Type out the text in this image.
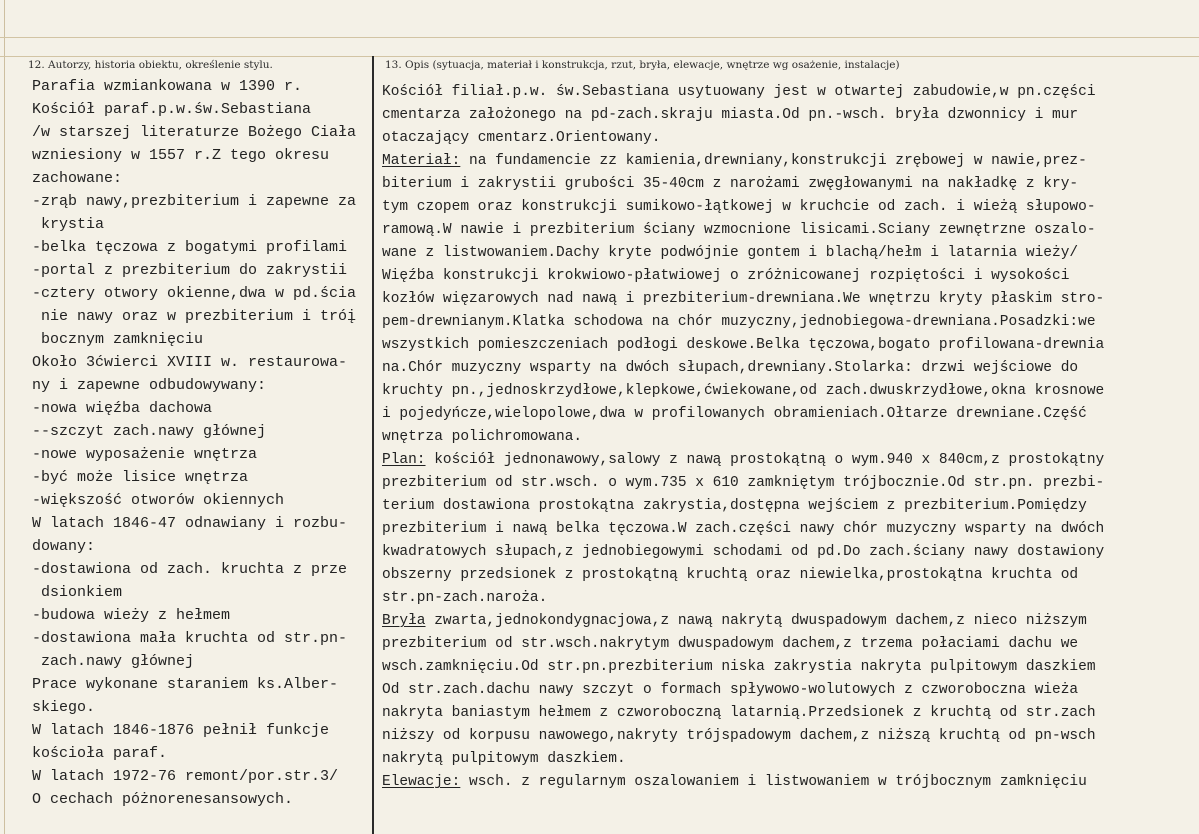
12. Autorzy, historia obiektu, określenie stylu.	13. Opis (sytuacja, materiał i konstrukcja, rzut, bryła, elewacje, wnętrze wg osażenie, instalacje)
Parafia wzmiankowana w 1390 r.
Kościół paraf.p.w.św.Sebastiana
/w starszej literaturze Bożego Ciała
wzniesiony w 1557 r.Z tego okresu
zachowane:
-zrąb nawy,prezbiterium i zapewne za
krystia
-belka tęczowa z bogatymi profilami
-portal z prezbiterium do zakrystii
-cztery otwory okienne,dwa w pd.ścia
nie nawy oraz w prezbiterium i tróį
bocznym zamknięciu
Około 3ćwierci XVIII w. restaurowa-
ny i zapewne odbudowywany:
-nowa więźba dachowa
--szczyt zach.nawy głównej
-nowe wyposażenie wnętrza
-być może lisice wnętrza
-większość otworów okiennych
W latach 1846-47 odnawiany i rozbu-
dowany:
-dostawiona od zach. kruchta z prze
dsionkiem
-budowa wieży z hełmem
-dostawiona mała kruchta od str.pn-
zach.nawy głównej
Prace wykonane staraniem ks.Alber-
skiego.
W latach 1846-1876 pełnił funkcje
kościoła paraf.
W latach 1972-76 remont/por.str.3/
O cechach póżnorenesansowych.
Kościół filiał.p.w. św.Sebastiana usytuowany jest w otwartej zabudowie,w pn.części
cmentarza założonego na pd-zach.skraju miasta.Od pn.-wsch. bryła dzwonnicy i mur
otaczający cmentarz.Orientowany.
Materiał: na fundamencie zz kamienia,drewniany,konstrukcji zrębowej w nawie,prez-
biterium i zakrystii grubości 35-40cm z narożami zwęgłowanymi na nakładkę z kry-
tym czopem oraz konstrukcji sumikowo-łątkowej w kruchcie od zach. i wieżą słupowo-
ramową.W nawie i prezbiterium ściany wzmocnione lisicami.Sciany zewnętrzne oszalo-
wane z listwowaniem.Dachy kryte podwójnie gontem i blachą/hełm i latarnia wieży/
Więźba konstrukcji krokwiowo-płatwiowej o zróżnicowanej rozpiętości i wysokości
kozłów więzarowych nad nawą i prezbiterium-drewniana.We wnętrzu kryty płaskim stro-
pem-drewnianym.Klatka schodowa na chór muzyczny,jednobiegowa-drewniana.Posadzki:we
wszystkich pomieszczeniach podłogi deskowe.Belka tęczowa,bogato profilowana-drewnia
na.Chór muzyczny wsparty na dwóch słupach,drewniany.Stolarka: drzwi wejściowe do
kruchty pn.,jednoskrzydłowe,klepkowe,ćwiekowane,od zach.dwuskrzydłowe,okna krosnowe
i pojedyńcze,wielopolowe,dwa w profilowanych obramieniach.Ołtarze drewniane.Część
wnętrza polichromowana.
Plan: kościół jednonawowy,salowy z nawą prostokątną o wym.940 x 840cm,z prostokątny
prezbiterium od str.wsch. o wym.735 x 610 zamkniętym trójbocznie.Od str.pn. prezbi-
terium dostawiona prostokątna zakrystia,dostępna wejściem z prezbiterium.Pomiędzy
prezbiterium i nawą belka tęczowa.W zach.części nawy chór muzyczny wsparty na dwóch
kwadratowych słupach,z jednobiegowymi schodami od pd.Do zach.ściany nawy dostawiony
obszerny przedsionek z prostokątną kruchtą oraz niewielka,prostokątna kruchta od
str.pn-zach.naroża.
Bryła zwarta,jednokondygnacjowa,z nawą nakrytą dwuspadowym dachem,z nieco niższym
prezbiterium od str.wsch.nakrytym dwuspadowym dachem,z trzema połaciami dachu we
wsch.zamknięciu.Od str.pn.prezbiterium niska zakrystia nakryta pulpitowym daszkiem
Od str.zach.dachu nawy szczyt o formach spływowo-wolutowych z czworoboczna wieża
nakryta baniastym hełmem z czworoboczną latarnią.Przedsionek z kruchtą od str.zach
niższy od korpusu nawowego,nakryty trójspadowym dachem,z niższą kruchtą od pn-wsch
nakrytą pulpitowym daszkiem.
Elewacje: wsch. z regularnym oszalowaniem i listwowaniem w trójbocznym zamknięciu
